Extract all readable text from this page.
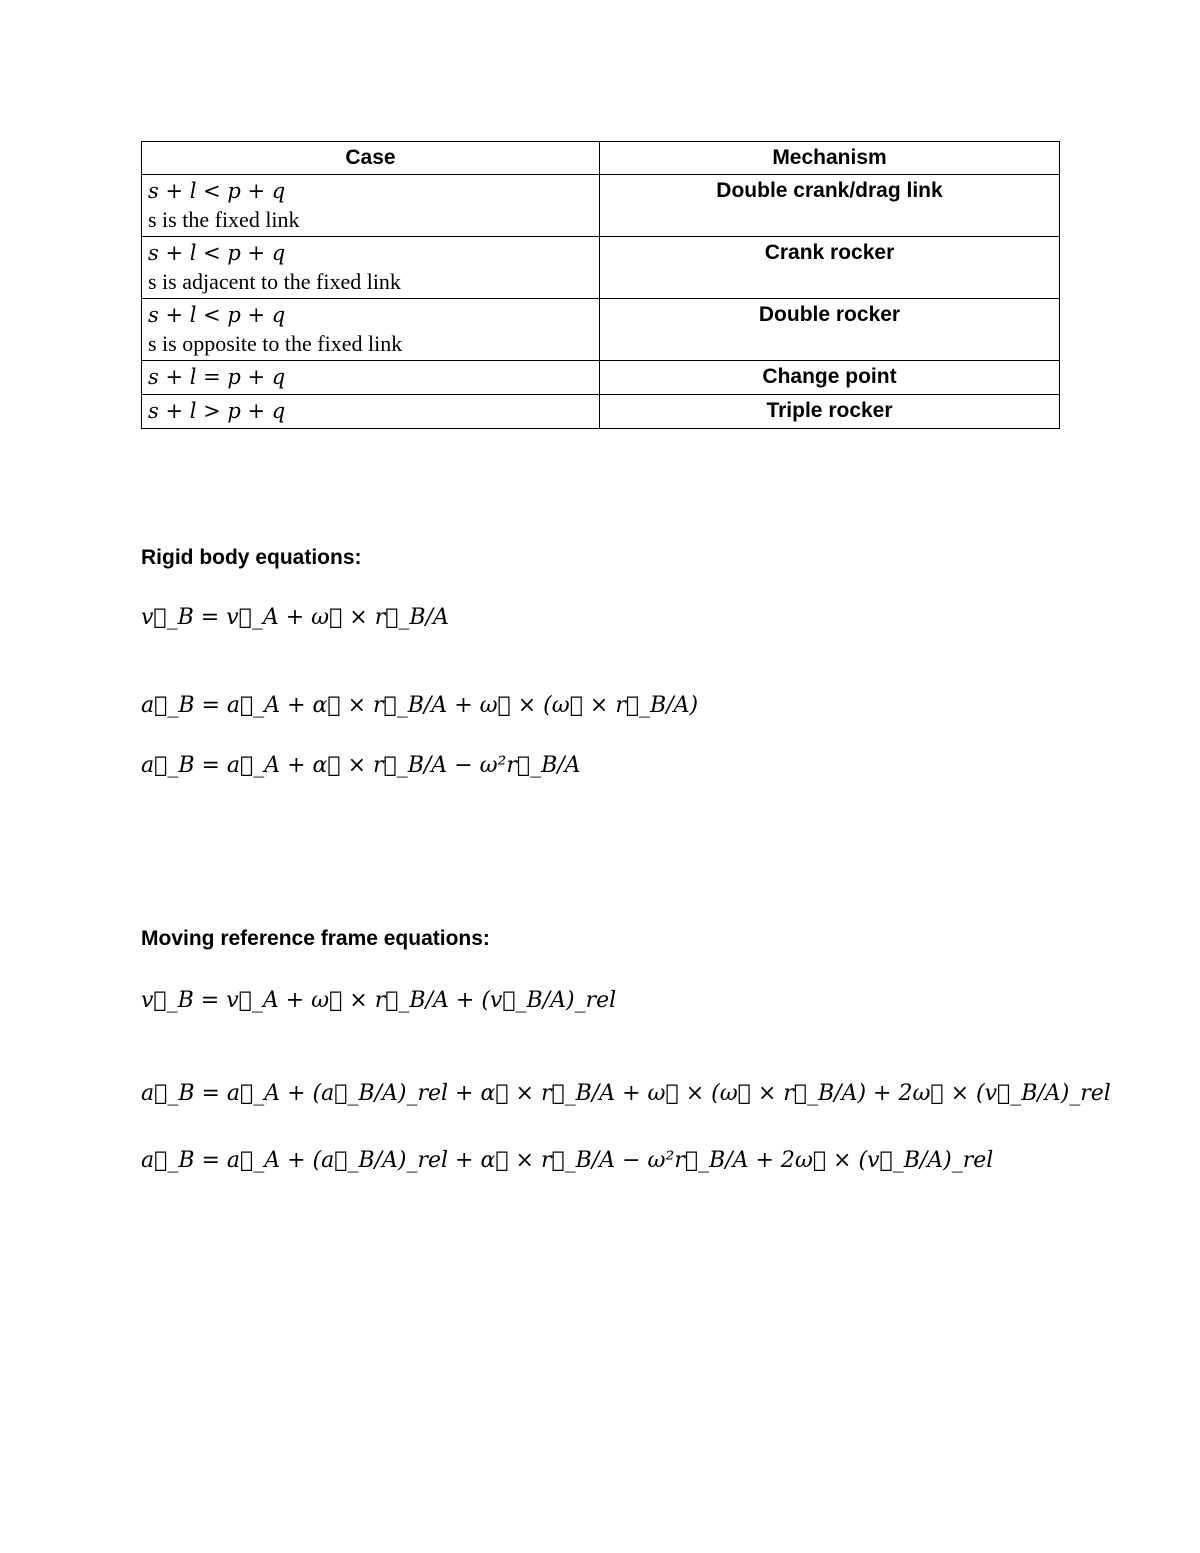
Case	Mechanism
s + l < p + q
s is the fixed link	Double crank/drag link
s + l < p + q
s is adjacent to the fixed link	Crank rocker
s + l < p + q
s is opposite to the fixed link	Double rocker
s + l = p + q	Change point
s + l > p + q	Triple rocker
Rigid body equations:
v⃗_B = v⃗_A + ω⃗ × r⃗_B/A
a⃗_B = a⃗_A + α⃗ × r⃗_B/A + ω⃗ × (ω⃗ × r⃗_B/A)
a⃗_B = a⃗_A + α⃗ × r⃗_B/A − ω²r⃗_B/A
Moving reference frame equations:
v⃗_B = v⃗_A + ω⃗ × r⃗_B/A + (v⃗_B/A)_rel
a⃗_B = a⃗_A + (a⃗_B/A)_rel + α⃗ × r⃗_B/A + ω⃗ × (ω⃗ × r⃗_B/A) + 2ω⃗ × (v⃗_B/A)_rel
a⃗_B = a⃗_A + (a⃗_B/A)_rel + α⃗ × r⃗_B/A − ω²r⃗_B/A + 2ω⃗ × (v⃗_B/A)_rel
